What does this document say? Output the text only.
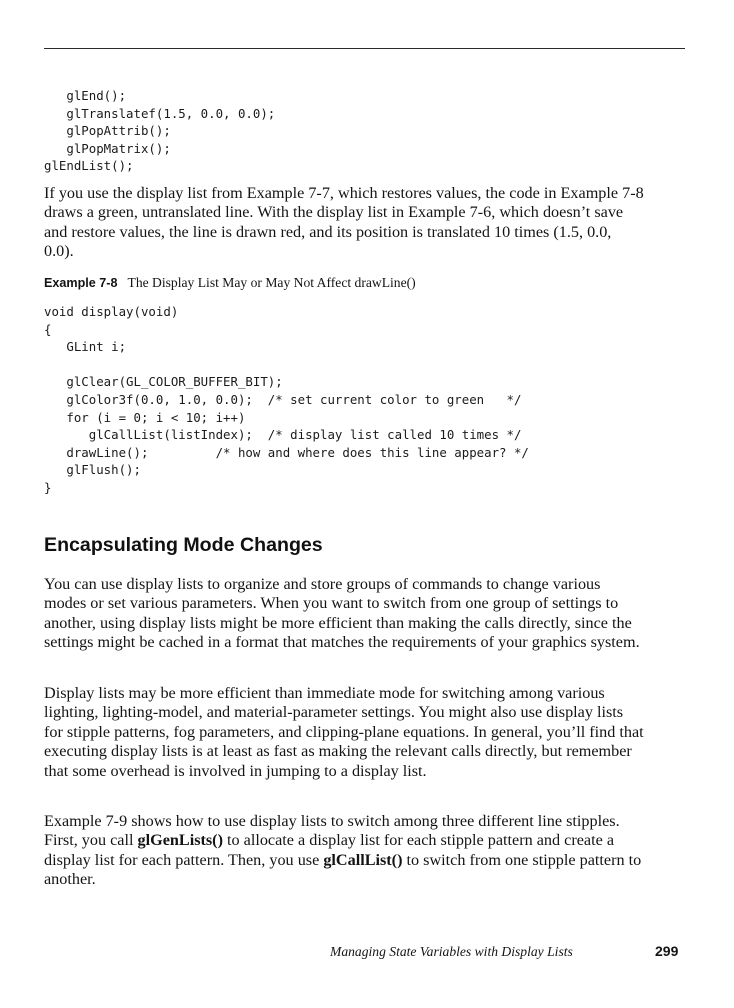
glEnd();
glTranslatef(1.5, 0.0, 0.0);
glPopAttrib();
glPopMatrix();
glEndList();

If you use the display list from Example 7-7, which restores values, the code in Example 7-8 draws a green, untranslated line. With the display list in Example 7-6, which doesn’t save and restore values, the line is drawn red, and its position is translated 10 times (1.5, 0.0, 0.0).

Example 7-8 The Display List May or May Not Affect drawLine()
void display(void)
{
GLint i;

glClear(GL_COLOR_BUFFER_BIT);
glColor3f(0.0, 1.0, 0.0);  /* set current color to green   */
for (i = 0; i < 10; i++)
glCallList(listIndex);  /* display list called 10 times */
drawLine();         /* how and where does this line appear? */
glFlush();
}
Encapsulating Mode Changes

You can use display lists to organize and store groups of commands to change various modes or set various parameters. When you want to switch from one group of settings to another, using display lists might be more efficient than making the calls directly, since the settings might be cached in a format that matches the requirements of your graphics system.

Display lists may be more efficient than immediate mode for switching among various lighting, lighting-model, and material-parameter settings. You might also use display lists for stipple patterns, fog parameters, and clipping-plane equations. In general, you’ll find that executing display lists is at least as fast as making the relevant calls directly, but remember that some overhead is involved in jumping to a display list.

Example 7-9 shows how to use display lists to switch among three different line stipples. First, you call glGenLists() to allocate a display list for each stipple pattern and create a display list for each pattern. Then, you use glCallList() to switch from one stipple pattern to another.

Managing State Variables with Display Lists	299
